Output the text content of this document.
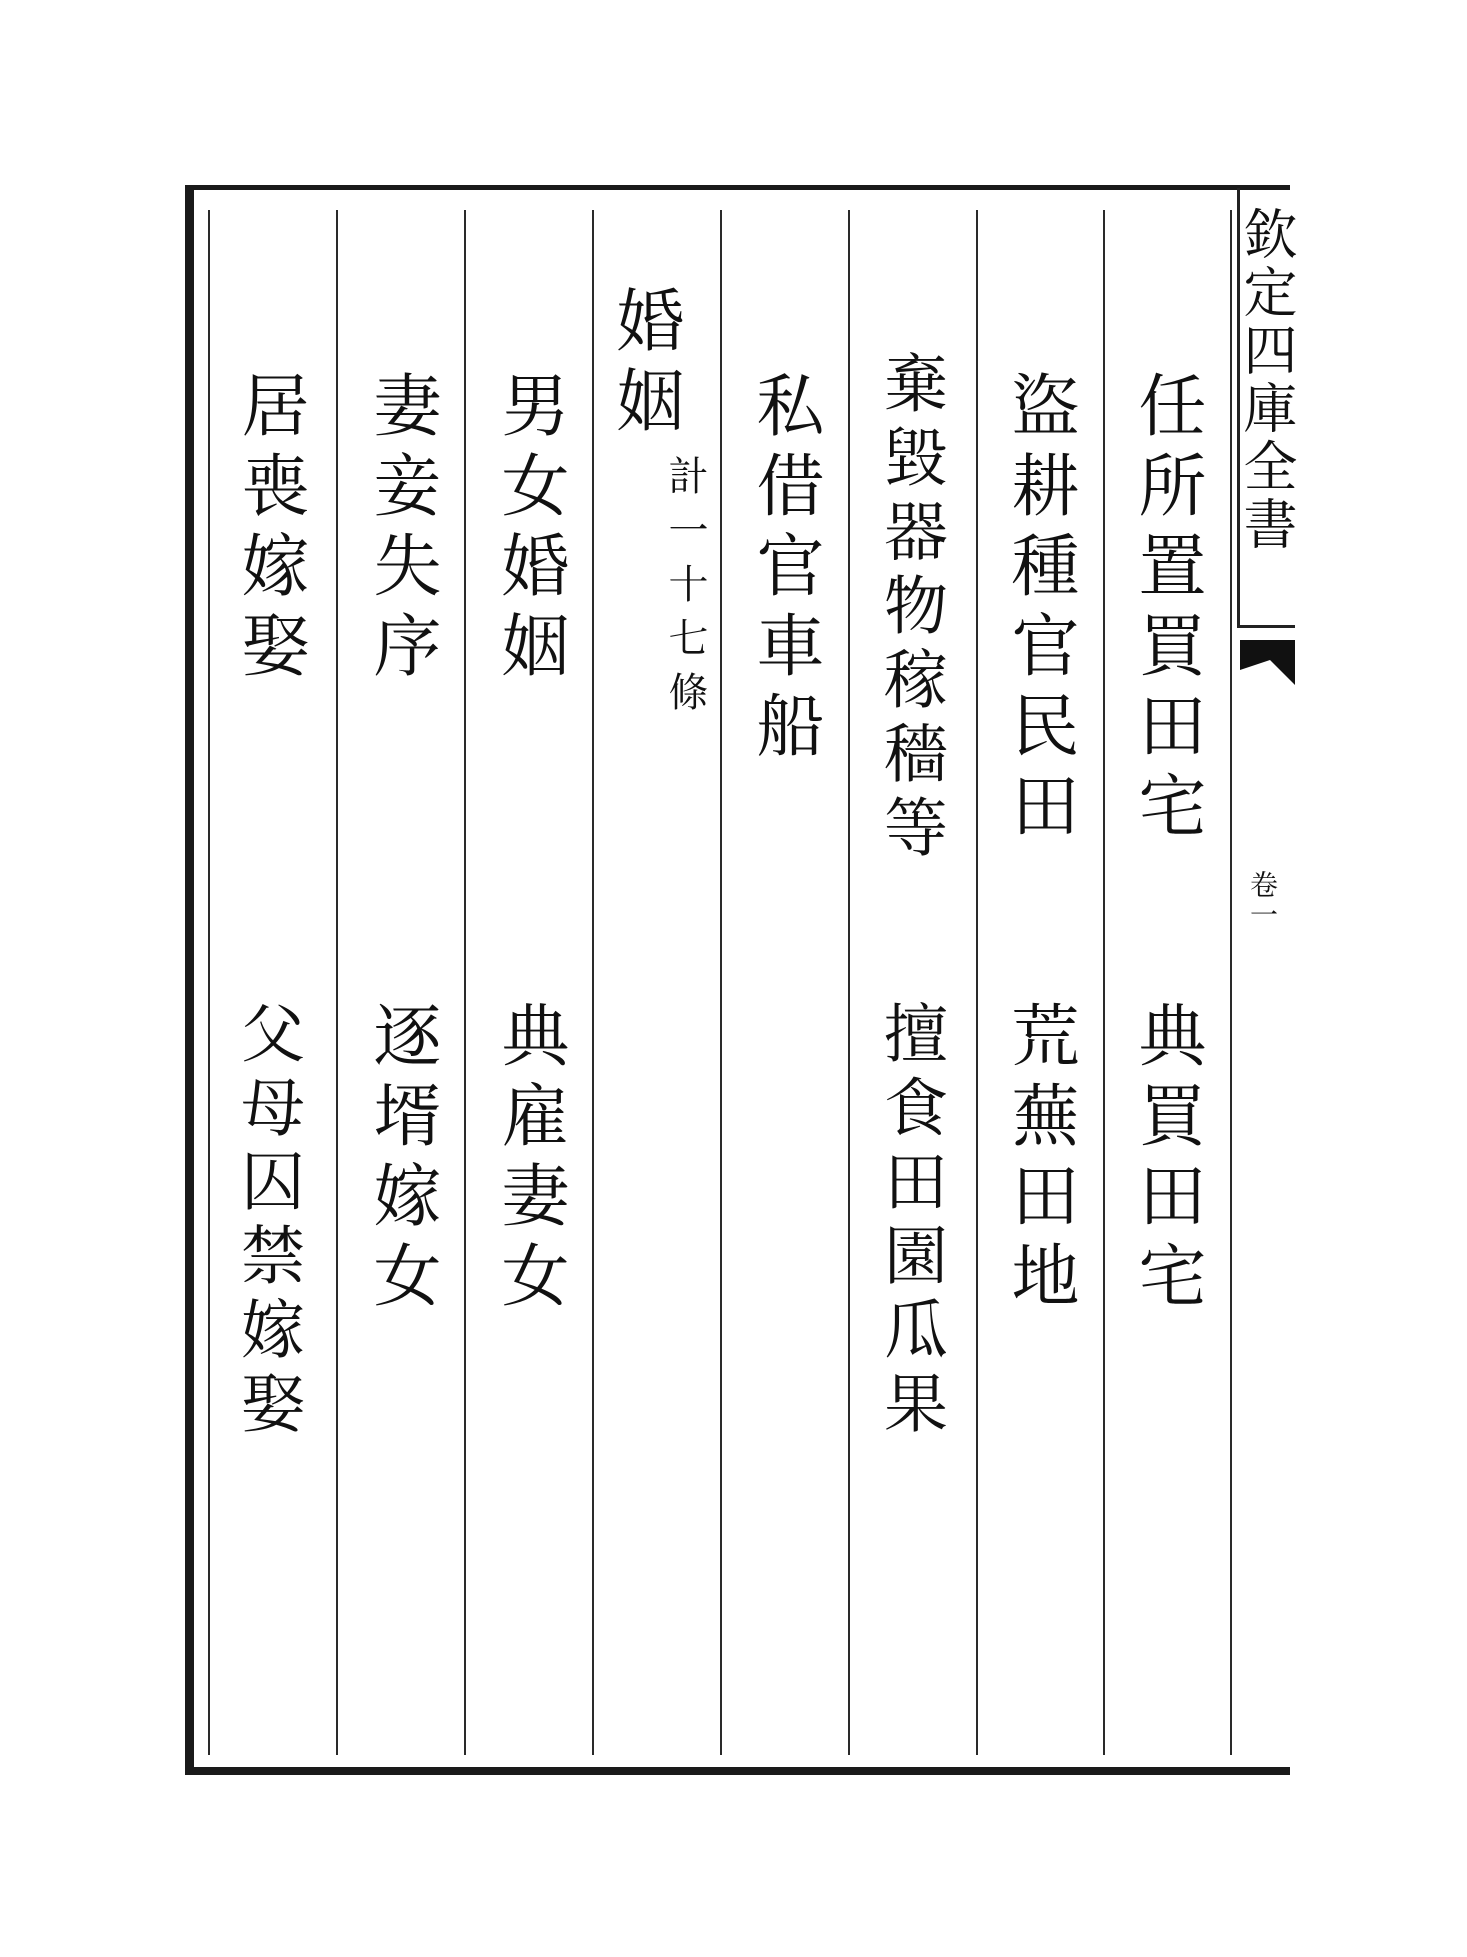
欽定四庫全書
卷一
任所置買田宅
典買田宅
盜耕種官民田
荒蕪田地
棄毀器物稼穡等
擅食田園瓜果
私借官車船
婚姻
計一十七條
男女婚姻
典雇妻女
妻妾失序
逐壻嫁女
居喪嫁娶
父母囚禁嫁娶
